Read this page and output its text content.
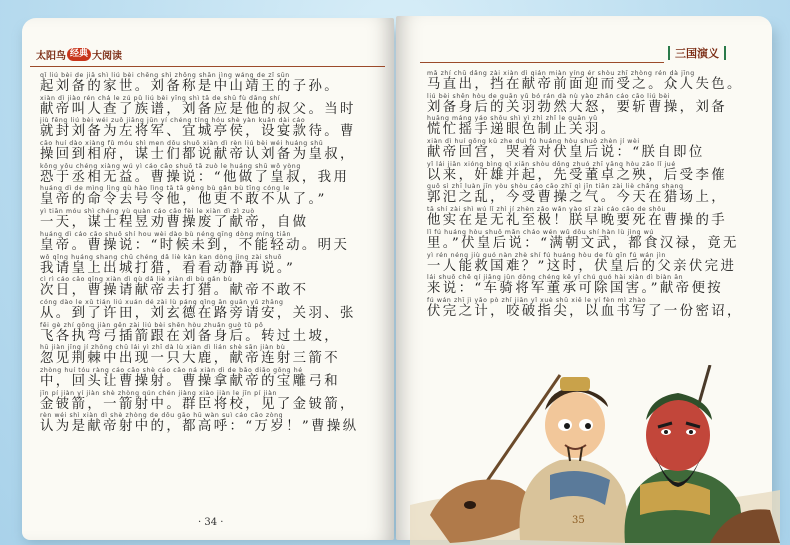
太阳鸟 经典 大阅读
qǐ liú bèi de jiā shì liú bèi chēng shì zhōng shān jìng wáng de zǐ sūn
起刘备的家世。刘备称是中山靖王的子孙。
xiàn dì jiào rén chá le zú pǔ liú bèi yīng shì tā de shū fù dāng shí
献帝叫人查了族谱，刘备应是他的叔父。当时
jiù fēng liú bèi wéi zuǒ jiāng jūn yí chéng tíng hóu shè yàn kuǎn dài cáo
就封刘备为左将军、宜城亭侯，设宴款待。曹
cāo huí dào xiàng fǔ móu shì men dōu shuō xiàn dì rèn liú bèi wéi huáng shū
操回到相府，谋士们都说献帝认刘备为皇叔，
kǒng yǒu chéng xiàng wú yì cáo cāo shuō tā zuò le huáng shū wǒ yòng
恐于丞相无益。曹操说：“他做了皇叔，我用
huáng dì de mìng lìng qù hào lìng tā tā gèng bù gǎn bù tīng cóng le
皇帝的命令去号令他，他更不敢不从了。”
yì tiān móu shì chéng yù quàn cáo cāo fèi le xiàn dì zì zuò
一天，谋士程昱劝曹操废了献帝，自做
huáng dì cáo cāo shuō shí hou wèi dào bù néng qīng dòng míng tiān
皇帝。曹操说：“时候未到，不能轻动。明天
wǒ qǐng huáng shang chū chéng dǎ liè kàn kan dòng jìng zài shuō
我请皇上出城打猎，看看动静再说。”
cì rì cáo cāo qǐng xiàn dì qù dǎ liè xiàn dì bù gǎn bù
次日，曹操请献帝去打猎。献帝不敢不
cóng dào le xǔ tián liú xuán dé zài lù páng qǐng ān guān yǔ zhāng
从。到了许田，刘玄德在路旁请安，关羽、张
fēi gè zhí gōng jiàn gēn zài liú bèi shēn hòu zhuǎn guò tǔ pō
飞各执弯弓插箭跟在刘备身后。转过土坡，
hū jiàn jīng jí zhōng chū lái yì zhī dà lù xiàn dì lián shè sān jiàn bù
忽见荆棘中出现一只大鹿，献帝连射三箭不
zhòng huí tóu ràng cáo cāo shè cáo cāo ná xiàn dì de bǎo diāo gōng hé
中，回头让曹操射。曹操拿献帝的宝雕弓和
jīn pí jiàn yí jiàn shè zhòng qún chén jiàng xiào jiàn le jīn pí jiàn
金铍箭，一箭射中。群臣将校，见了金铍箭，
rèn wéi shì xiàn dì shè zhòng de dōu gāo hū wàn suì cáo cāo zòng
认为是献帝射中的，都高呼：“万岁！”曹操纵
· 34 ·
三国演义
mǎ zhí chū dǎng zài xiàn dì qián miàn yíng ér shòu zhī zhòng rén dà jīng
马直出，挡在献帝前面迎而受之。众人失色。
liú bèi shēn hòu de guān yǔ bó rán dà nù yào zhǎn cáo cāo liú bèi
刘备身后的关羽勃然大怒，要斩曹操，刘备
huāng máng yáo shǒu shì yì zhì zhǐ le guān yǔ
慌忙摇手递眼色制止关羽。
xiàn dì huí gōng kū zhe duì fú huáng hòu shuō zhèn jí wèi
献帝回宫，哭着对伏皇后说：“朕自即位
yǐ lái jiān xióng bìng qǐ xiān shòu dǒng zhuó zhī yāng hòu zāo lǐ jué
以来，奸雄并起，先受董卓之殃，后受李傕
guō sì zhī luàn jīn yòu shòu cáo cāo zhī qì jīn tiān zài liè chǎng shang
郭汜之乱，今受曹操之气。今天在猎场上，
tā shí zài shì wú lǐ zhì jí zhèn zǎo wǎn yào sǐ zài cáo cāo de shǒu
他实在是无礼至极！朕早晚要死在曹操的手
lǐ fú huáng hòu shuō mǎn cháo wén wǔ dōu shí hàn lù jìng wú
里。”伏皇后说：“满朝文武，都食汉禄，竟无
yì rén néng jiù guó nàn zhè shí fú huáng hòu de fù qīn fú wán jìn
一人能救国难？”这时，伏皇后的父亲伏完进
lái shuō chē qí jiāng jūn dǒng chéng kě yǐ chú guó hài xiàn dì biàn ān
来说：“车骑将军董承可除国害。”献帝便按
fú wán zhī jì yǎo pò zhǐ jiān yǐ xuè shū xiě le yí fèn mì zhào
伏完之计，咬破指尖，以血书写了一份密诏，
35
